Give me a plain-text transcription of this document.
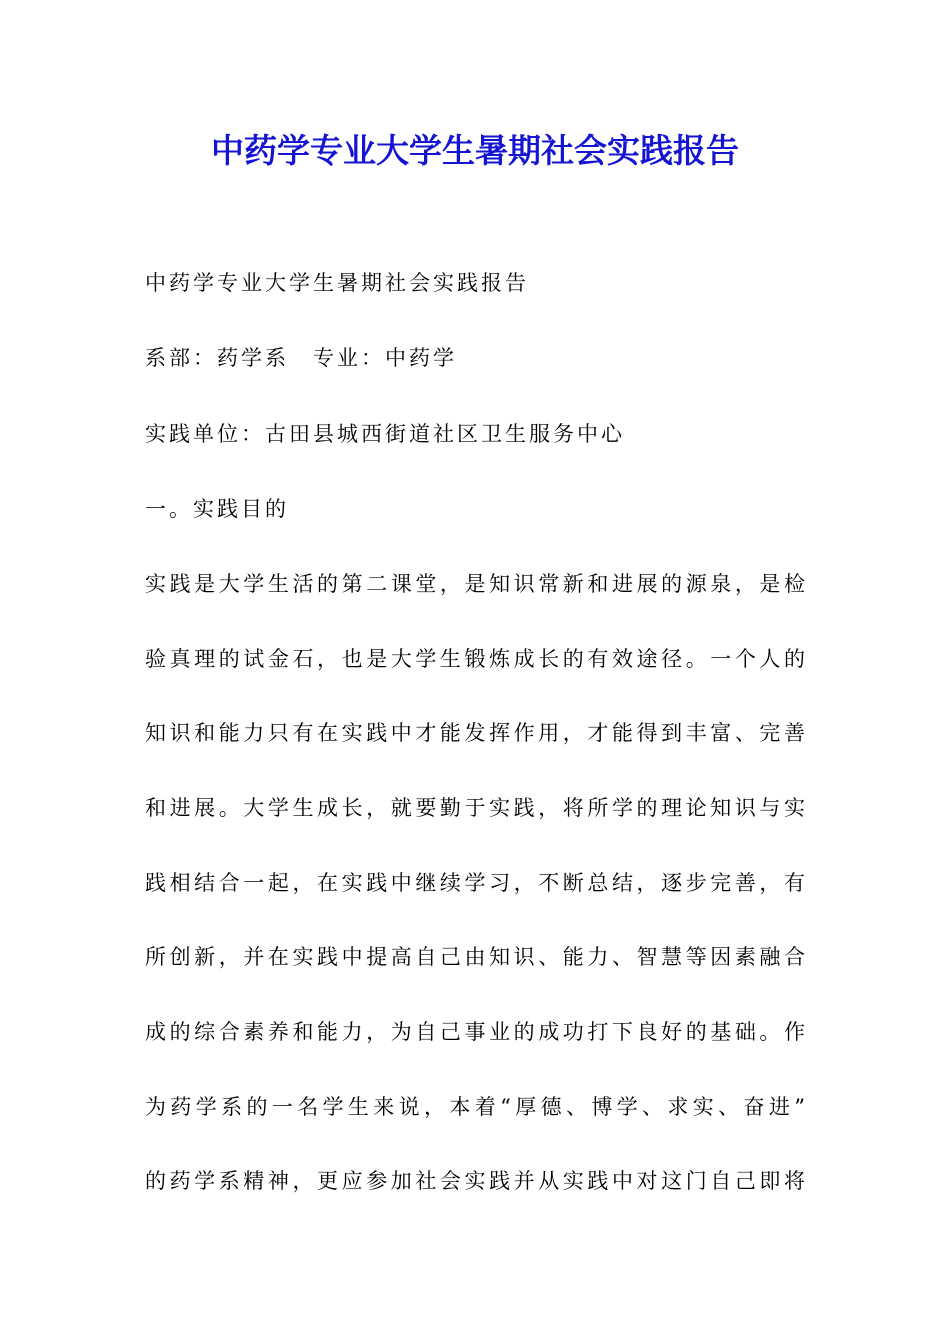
中药学专业大学生暑期社会实践报告
中药学专业大学生暑期社会实践报告
系部：药学系　专业：中药学
实践单位：古田县城西街道社区卫生服务中心
一。实践目的
实践是大学生活的第二课堂，是知识常新和进展的源泉，是检
验真理的试金石，也是大学生锻炼成长的有效途径。一个人的
知识和能力只有在实践中才能发挥作用，才能得到丰富、完善
和进展。大学生成长，就要勤于实践，将所学的理论知识与实
践相结合一起，在实践中继续学习，不断总结，逐步完善，有
所创新，并在实践中提高自己由知识、能力、智慧等因素融合
成的综合素养和能力，为自己事业的成功打下良好的基础。作
为药学系的一名学生来说，本着“厚德、博学、求实、奋进”
的药学系精神，更应参加社会实践并从实践中对这门自己即将
